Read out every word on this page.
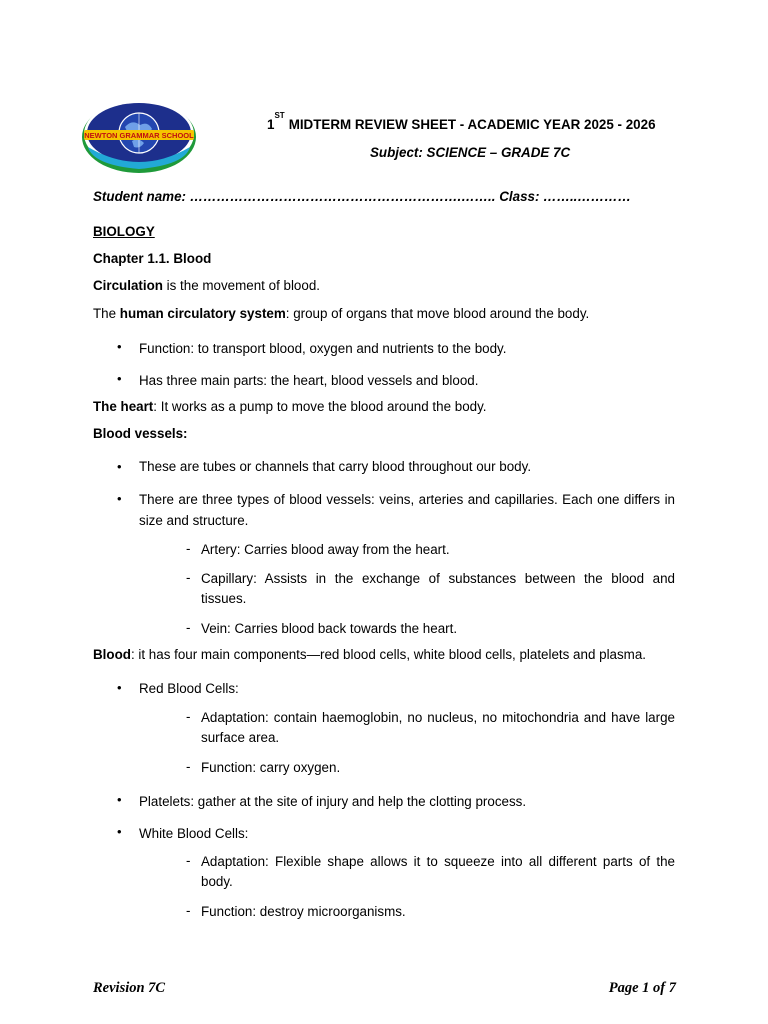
NEWTON GRAMMAR SCHOOL
1STMIDTERM REVIEW SHEET - ACADEMIC YEAR 2025 - 2026
Subject: SCIENCE – GRADE 7C
Student name: …………………………………………………….…….. Class: ……..…………
BIOLOGY
Chapter 1.1. Blood
Circulation is the movement of blood.
The human circulatory system: group of organs that move blood around the body.
• Function: to transport blood, oxygen and nutrients to the body.
• Has three main parts: the heart, blood vessels and blood.
The heart: It works as a pump to move the blood around the body.
Blood vessels:
• These are tubes or channels that carry blood throughout our body.
• There are three types of blood vessels: veins, arteries and capillaries. Each one differs in size and structure.
- Artery: Carries blood away from the heart.
- Capillary: Assists in the exchange of substances between the blood and tissues.
- Vein: Carries blood back towards the heart.
Blood: it has four main components—red blood cells, white blood cells, platelets and plasma.
• Red Blood Cells:
- Adaptation: contain haemoglobin, no nucleus, no mitochondria and have large surface area.
- Function: carry oxygen.
• Platelets: gather at the site of injury and help the clotting process.
• White Blood Cells:
- Adaptation: Flexible shape allows it to squeeze into all different parts of the body.
- Function: destroy microorganisms.
Revision 7C	Page 1 of 7
